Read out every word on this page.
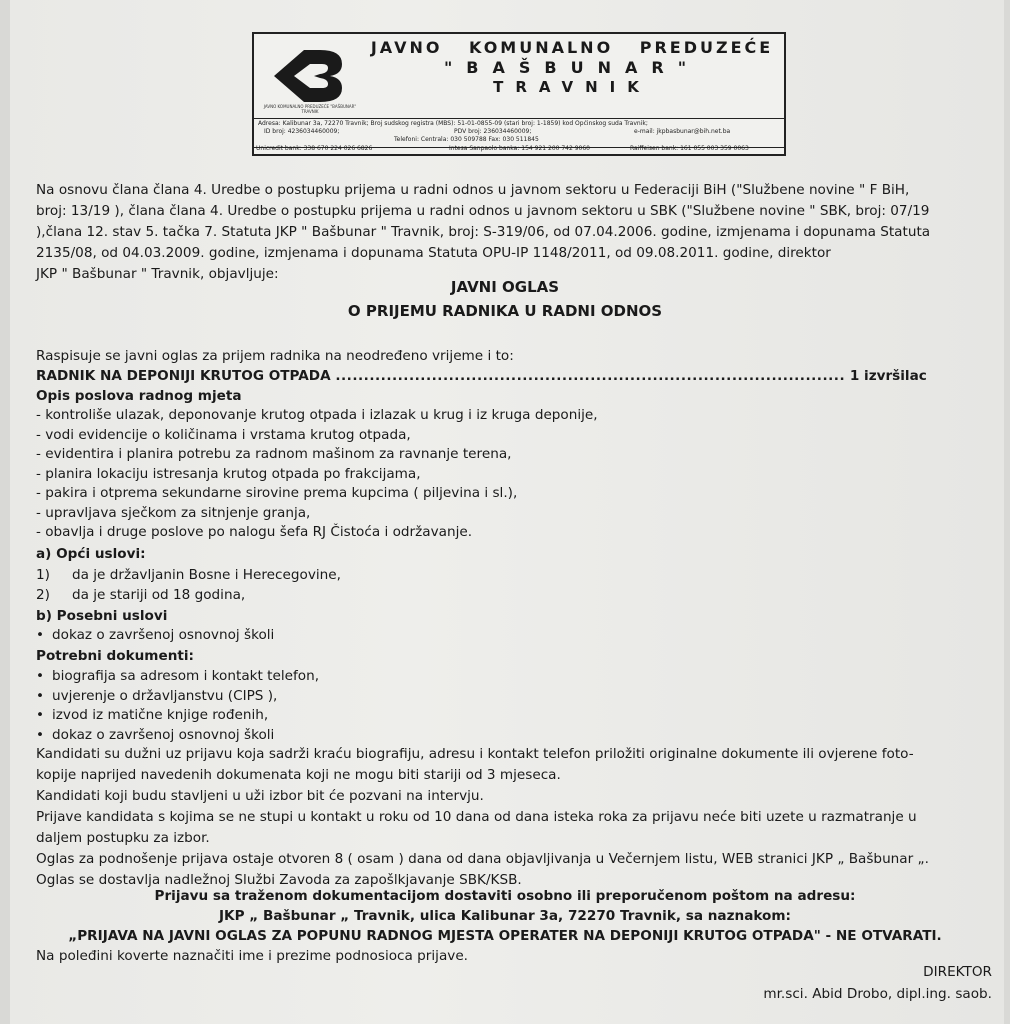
JAVNO KOMUNALNO PREDUZEĆE "BAŠBUNAR" TRAVNIK
JAVNO KOMUNALNO PREDUZEĆE
"BAŠBUNAR"
TRAVNIK
Adresa: Kalibunar 3a, 72270 Travnik; Broj sudskog registra (MBS): 51-01-0855-09 (stari broj: 1-1859) kod Općinskog suda Travnik;
ID broj: 4236034460009;	PDV broj: 236034460009;	e-mail: jkpbasbunar@bih.net.ba
Telefoni: Centrala: 030 509788 Fax: 030 511845
Unicredit bank: 338 670 224 026 6826	Intesa Sanpaolo banka: 154 921 200 742 9060	Raiffeisen bank: 161 055 003 359 0063
Na osnovu člana člana 4. Uredbe o postupku prijema u radni odnos u javnom sektoru u Federaciji BiH ("Službene novine " F BiH,
broj: 13/19 ), člana člana 4. Uredbe o postupku prijema u radni odnos u javnom sektoru u SBK ("Službene novine " SBK, broj: 07/19
),člana 12. stav 5. tačka 7. Statuta JKP " Bašbunar " Travnik, broj: S-319/06, od 07.04.2006. godine, izmjenama i dopunama Statuta
2135/08, od 04.03.2009. godine, izmjenama i dopunama Statuta OPU-IP 1148/2011, od 09.08.2011. godine, direktor
JKP " Bašbunar " Travnik, objavljuje:
JAVNI OGLAS
O PRIJEMU RADNIKA U RADNI ODNOS
Raspisuje se javni oglas za prijem radnika na neodređeno vrijeme i to:
RADNIK NA DEPONIJI KRUTOG OTPADA .......................................................................................... 1 izvršilac
Opis poslova radnog mjeta
- kontroliše ulazak, deponovanje krutog otpada i izlazak u krug i iz kruga deponije,
- vodi evidencije o količinama i vrstama krutog otpada,
- evidentira i planira potrebu za radnom mašinom za ravnanje terena,
- planira lokaciju istresanja krutog otpada po frakcijama,
- pakira i otprema sekundarne sirovine prema kupcima ( piljevina i sl.),
- upravljava sječkom za sitnjenje granja,
- obavlja i druge poslove po nalogu šefa RJ Čistoća i održavanje.
a) Opći uslovi:
1) da je državljanin Bosne i Herecegovine,
2) da je stariji od 18 godina,
b) Posebni uslovi
• dokaz o završenoj osnovnoj školi
Potrebni dokumenti:
• biografija sa adresom i kontakt telefon,
• uvjerenje o državljanstvu (CIPS ),
• izvod iz matične knjige rođenih,
• dokaz o završenoj osnovnoj školi
Kandidati su dužni uz prijavu koja sadrži kraću biografiju, adresu i kontakt telefon priložiti originalne dokumente ili ovjerene foto-
kopije naprijed navedenih dokumenata koji ne mogu biti stariji od 3 mjeseca.
Kandidati koji budu stavljeni u uži izbor bit će pozvani na intervju.
Prijave kandidata s kojima se ne stupi u kontakt u roku od 10 dana od dana isteka roka za prijavu neće biti uzete u razmatranje u
daljem postupku za izbor.
Oglas za podnošenje prijava ostaje otvoren 8 ( osam ) dana od dana objavljivanja u Večernjem listu, WEB stranici JKP „ Bašbunar „.
Oglas se dostavlja nadležnoj Službi Zavoda za zapošlkjavanje SBK/KSB.
Prijavu sa traženom dokumentacijom dostaviti osobno ili preporučenom poštom na adresu:
JKP „ Bašbunar „ Travnik, ulica Kalibunar 3a, 72270 Travnik, sa naznakom:
„PRIJAVA NA JAVNI OGLAS ZA POPUNU RADNOG MJESTA OPERATER NA DEPONIJI KRUTOG OTPADA" - NE OTVARATI.
Na poleđini koverte naznačiti ime i prezime podnosioca prijave.
DIREKTOR
mr.sci. Abid Drobo, dipl.ing. saob.
